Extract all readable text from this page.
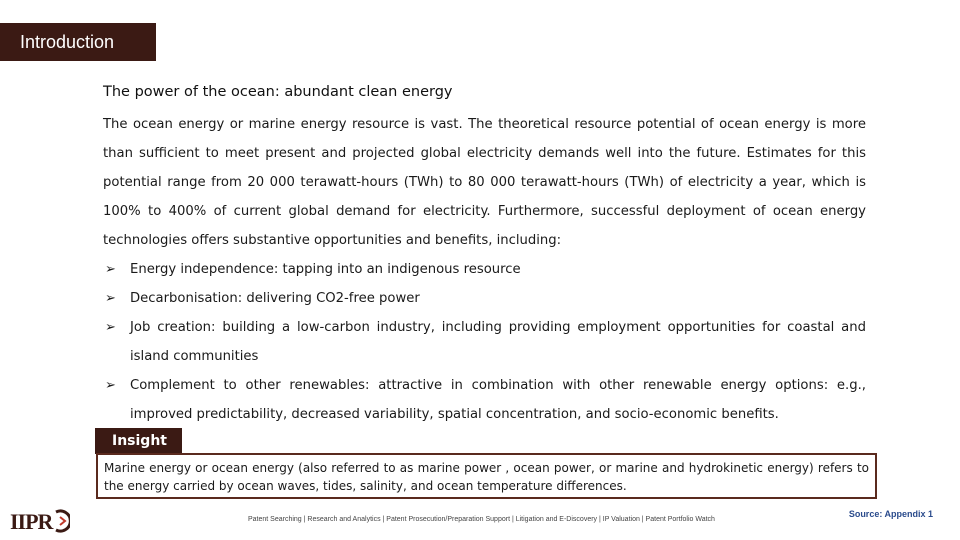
Introduction
The power of the ocean: abundant clean energy
The ocean energy or marine energy resource is vast. The theoretical resource potential of ocean energy is more than sufficient to meet present and projected global electricity demands well into the future. Estimates for this potential range from 20 000 terawatt-hours (TWh) to 80 000 terawatt-hours (TWh) of electricity a year, which is 100% to 400% of current global demand for electricity. Furthermore, successful deployment of ocean energy technologies offers substantive opportunities and benefits, including:
➢ Energy independence: tapping into an indigenous resource
➢ Decarbonisation: delivering CO2-free power
➢ Job creation: building a low-carbon industry, including providing employment opportunities for coastal and island communities
➢ Complement to other renewables: attractive in combination with other renewable energy options: e.g., improved predictability, decreased variability, spatial concentration, and socio-economic benefits.
Insight
Marine energy or ocean energy (also referred to as marine power , ocean power, or marine and hydrokinetic energy) refers to the energy carried by ocean waves, tides, salinity, and ocean temperature differences.
IIPR	Patent Searching | Research and Analytics | Patent Prosecution/Preparation Support | Litigation and E-Discovery | IP Valuation | Patent Portfolio Watch
Source: Appendix 1
